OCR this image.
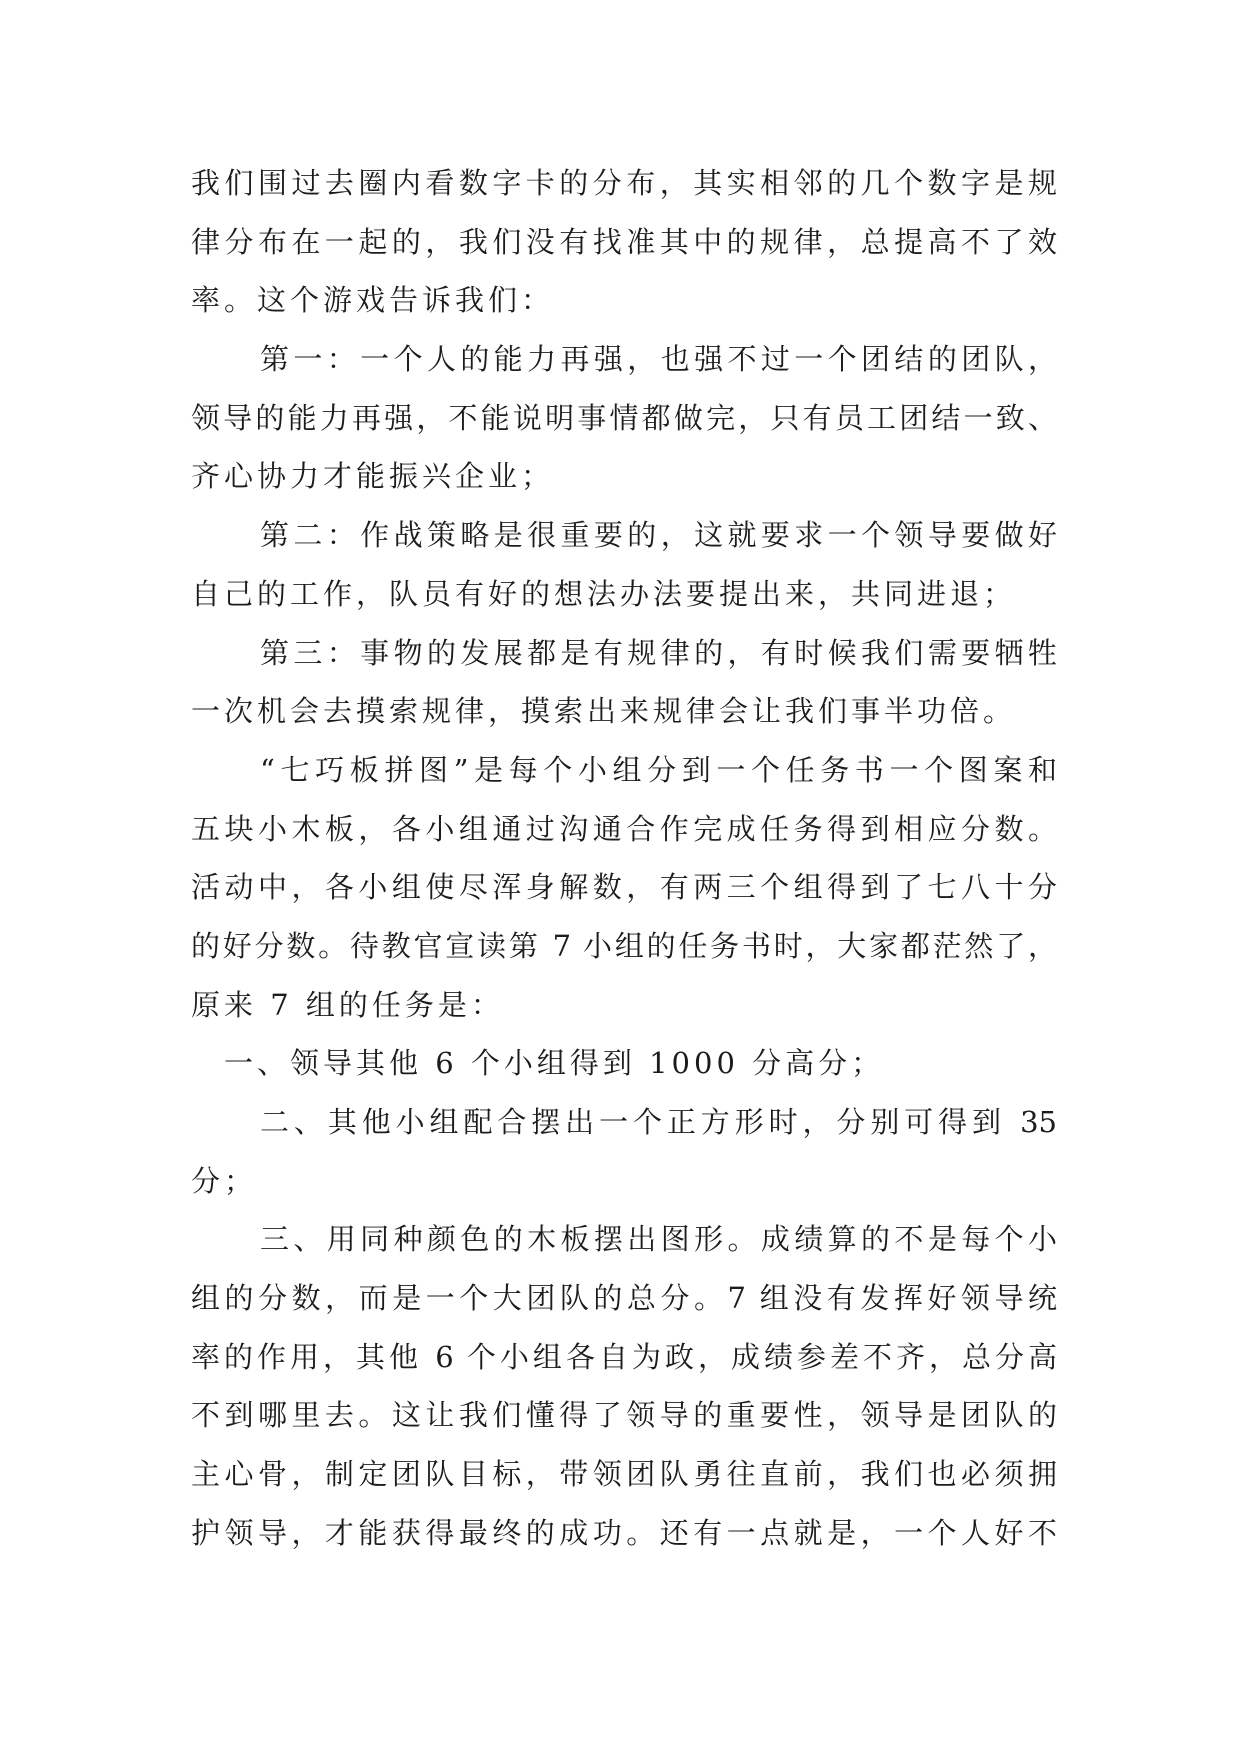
我们围过去圈内看数字卡的分布，其实相邻的几个数字是规
律分布在一起的，我们没有找准其中的规律，总提高不了效
率。这个游戏告诉我们：
第一：一个人的能力再强，也强不过一个团结的团队，
领导的能力再强，不能说明事情都做完，只有员工团结一致、
齐心协力才能振兴企业；
第二：作战策略是很重要的，这就要求一个领导要做好
自己的工作，队员有好的想法办法要提出来，共同进退；
第三：事物的发展都是有规律的，有时候我们需要牺牲
一次机会去摸索规律，摸索出来规律会让我们事半功倍。
“七巧板拼图”是每个小组分到一个任务书一个图案和
五块小木板，各小组通过沟通合作完成任务得到相应分数。
活动中，各小组使尽浑身解数，有两三个组得到了七八十分
的好分数。待教官宣读第 7 小组的任务书时，大家都茫然了，
原来 7 组的任务是：
一、领导其他 6 个小组得到 1000 分高分；
二、其他小组配合摆出一个正方形时，分别可得到 35
分；
三、用同种颜色的木板摆出图形。成绩算的不是每个小
组的分数，而是一个大团队的总分。7 组没有发挥好领导统
率的作用，其他 6 个小组各自为政，成绩参差不齐，总分高
不到哪里去。这让我们懂得了领导的重要性，领导是团队的
主心骨，制定团队目标，带领团队勇往直前，我们也必须拥
护领导，才能获得最终的成功。还有一点就是，一个人好不
